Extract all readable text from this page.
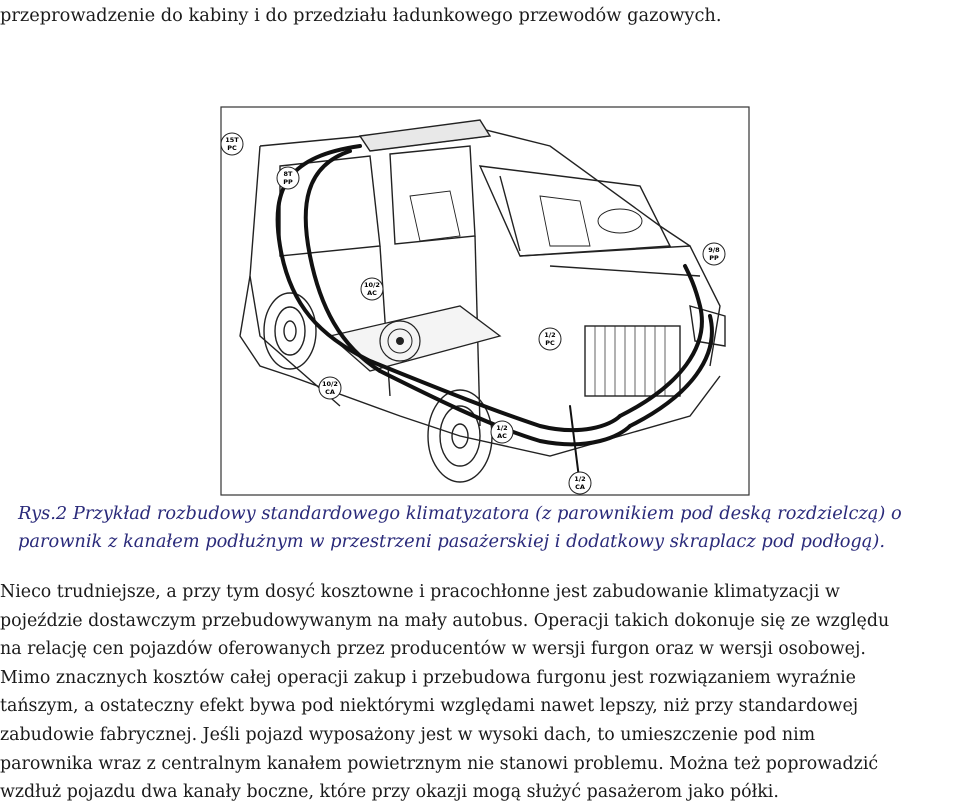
przeprowadzenie do kabiny i do przedziału ładunkowego przewodów gazowych.
15T
PC
8T
PP
10/2
AC
10/2
CA
9/8
PP
1/2
PC
1/2
AC
1/2
CA
Rys.2 Przykład rozbudowy standardowego klimatyzatora (z parownikiem pod deską rozdzielczą) o
parownik z kanałem podłużnym w przestrzeni pasażerskiej i dodatkowy skraplacz pod podłogą).
Nieco trudniejsze, a przy tym dosyć kosztowne i pracochłonne jest zabudowanie klimatyzacji w
pojeździe dostawczym przebudowywanym na mały autobus. Operacji takich dokonuje się ze względu
na relację cen pojazdów oferowanych przez producentów w wersji furgon oraz w wersji osobowej.
Mimo znacznych kosztów całej operacji zakup i przebudowa furgonu jest rozwiązaniem wyraźnie
tańszym, a ostateczny efekt bywa pod niektórymi względami nawet lepszy, niż przy standardowej
zabudowie fabrycznej. Jeśli pojazd wyposażony jest w wysoki dach, to umieszczenie pod nim
parownika wraz z centralnym kanałem powietrznym nie stanowi problemu. Można też poprowadzić
wzdłuż pojazdu dwa kanały boczne, które przy okazji mogą służyć pasażerom jako półki.
